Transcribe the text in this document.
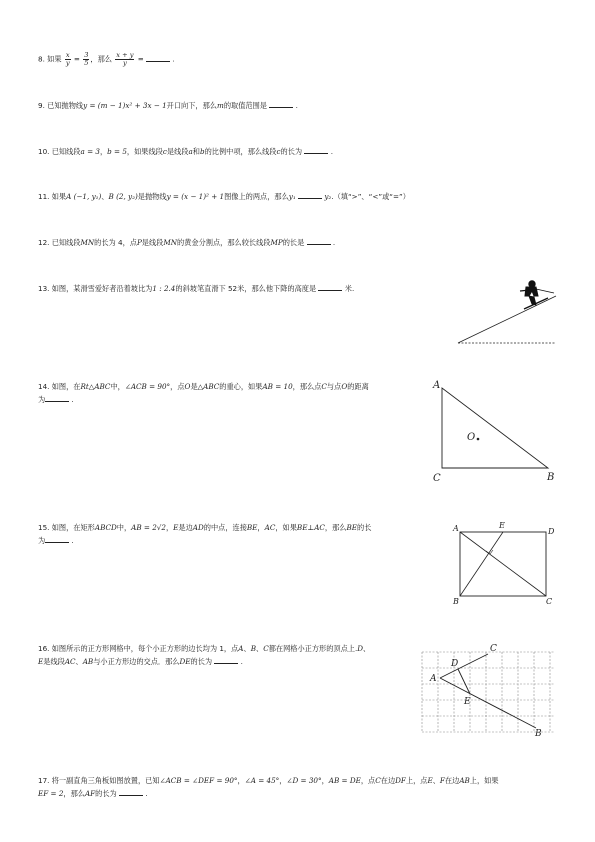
8. 如果 $\frac{x}{y} = \frac{3}{5}$ ，那么 $\frac{x + y}{y}$ =	.
9. 已知抛物线y = (m − 1)x² + 3x − 1开口向下，那么m的取值范围是	.
10. 已知线段a = 3，b = 5，如果线段c是线段a和b的比例中项，那么线段c的长为	.
11. 如果A (−1, y₁)、B (2, y₂)是抛物线y = (x − 1)² + 1图像上的两点，那么y₁	y₂.（填“>”、“<”或“=”）
12. 已知线段MN的长为 4，点P是线段MN的黄金分割点，那么较长线段MP的长是	.
13. 如图，某滑雪爱好者沿着坡比为1 : 2.4的斜坡笔直滑下 52米，那么他下降的高度是	米.
14. 如图，在Rt△ABC中，∠ACB = 90°，点O是△ABC的重心，如果AB = 10，那么点C与点O的距离
为	.
A
C	B
O
15. 如图，在矩形ABCD中，AB = 2√2，E是边AD的中点，连接BE，AC，如果BE⊥AC，那么BE的长
为	.
A	E
D
B	C
16. 如图所示的正方形网格中，每个小正方形的边长均为 1，点A、B、C都在网格小正方形的顶点上.D、
E是线段AC、AB与小正方形边的交点．那么DE的长为	.
A
B
C
D
E
17. 将一副直角三角板如图放置，已知∠ACB = ∠DEF = 90°，∠A = 45°，∠D = 30°，AB = DE，点C在边DF上，点E、F在边AB上，如果
EF = 2，那么AF的长为	.
